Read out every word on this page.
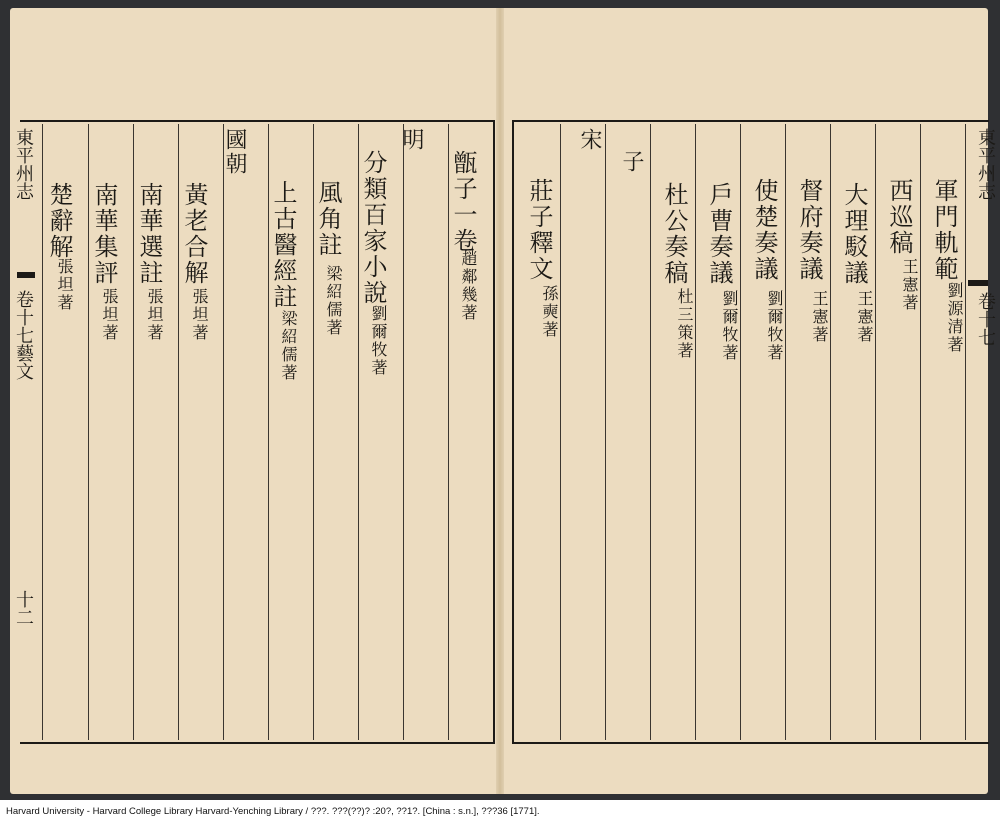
甑子一卷
趙鄰幾著
明
分類百家小說
劉爾牧著
風角註
梁紹儒著
上古醫經註
梁紹儒著
國朝
黃老合解
張坦著
南華選註
張坦著
南華集評
張坦著
楚辭解
張坦著
東平州志
卷十七藝文
十二
軍門軌範
劉源清著
西巡稿
王憲著
大理駁議
王憲著
督府奏議
王憲著
使楚奏議
劉爾牧著
戶曹奏議
劉爾牧著
杜公奏稿
杜三策著
子
宋
莊子釋文
孫奭著
東平州志
卷十七
Harvard University - Harvard College Library Harvard-Yenching Library / ???. ???(??)? :20?, ??1?. [China : s.n.], ???36 [1771].
